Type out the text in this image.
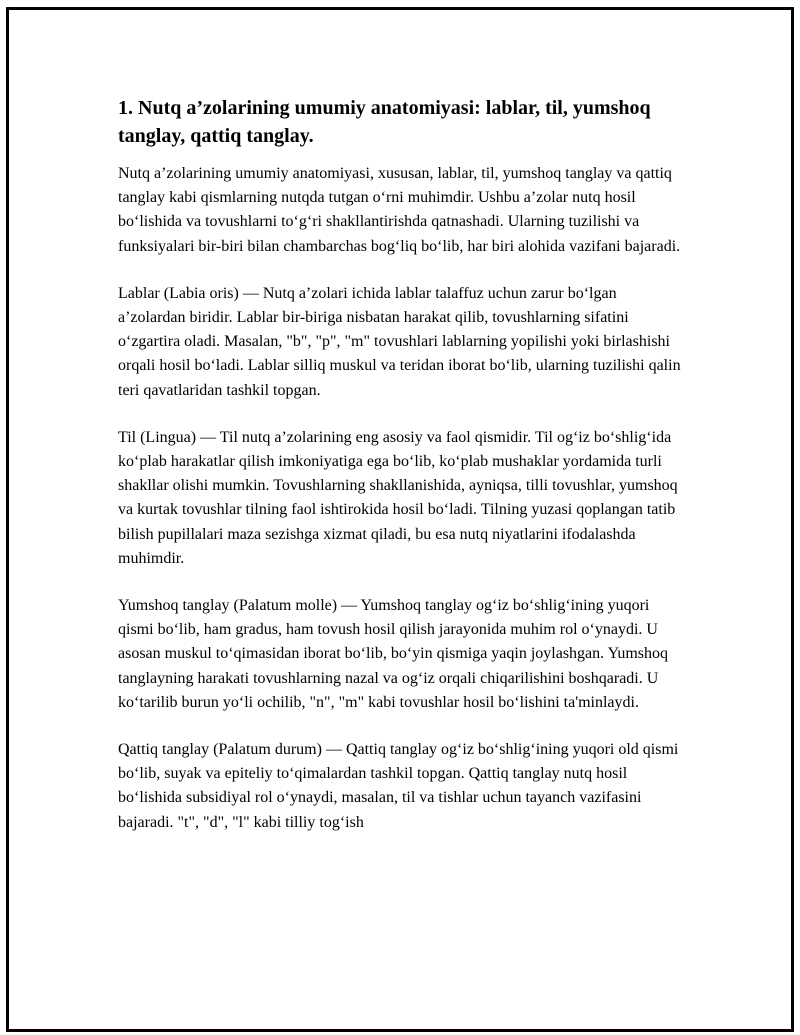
1. Nutq a’zolarining umumiy anatomiyasi: lablar, til, yumshoq tanglay, qattiq tanglay.

Nutq a’zolarining umumiy anatomiyasi, xususan, lablar, til, yumshoq tanglay va qattiq tanglay kabi qismlarning nutqda tutgan o‘rni muhimdir. Ushbu a’zolar nutq hosil bo‘lishida va tovushlarni to‘g‘ri shakllantirishda qatnashadi. Ularning tuzilishi va funksiyalari bir-biri bilan chambarchas bog‘liq bo‘lib, har biri alohida vazifani bajaradi.

Lablar (Labia oris) — Nutq a’zolari ichida lablar talaffuz uchun zarur bo‘lgan a’zolardan biridir. Lablar bir-biriga nisbatan harakat qilib, tovushlarning sifatini o‘zgartira oladi. Masalan, "b", "p", "m" tovushlari lablarning yopilishi yoki birlashishi orqali hosil bo‘ladi. Lablar silliq muskul va teridan iborat bo‘lib, ularning tuzilishi qalin teri qavatlaridan tashkil topgan.

Til (Lingua) — Til nutq a’zolarining eng asosiy va faol qismidir. Til og‘iz bo‘shlig‘ida ko‘plab harakatlar qilish imkoniyatiga ega bo‘lib, ko‘plab mushaklar yordamida turli shakllar olishi mumkin. Tovushlarning shakllanishida, ayniqsa, tilli tovushlar, yumshoq va kurtak tovushlar tilning faol ishtirokida hosil bo‘ladi. Tilning yuzasi qoplangan tatib bilish pupillalari maza sezishga xizmat qiladi, bu esa nutq niyatlarini ifodalashda muhimdir.

Yumshoq tanglay (Palatum molle) — Yumshoq tanglay og‘iz bo‘shlig‘ining yuqori qismi bo‘lib, ham gradus, ham tovush hosil qilish jarayonida muhim rol o‘ynaydi. U asosan muskul to‘qimasidan iborat bo‘lib, bo‘yin qismiga yaqin joylashgan. Yumshoq tanglayning harakati tovushlarning nazal va og‘iz orqali chiqarilishini boshqaradi. U ko‘tarilib burun yo‘li ochilib, "n", "m" kabi tovushlar hosil bo‘lishini ta'minlaydi.

Qattiq tanglay (Palatum durum) — Qattiq tanglay og‘iz bo‘shlig‘ining yuqori old qismi bo‘lib, suyak va epiteliy to‘qimalardan tashkil topgan. Qattiq tanglay nutq hosil bo‘lishida subsidiyal rol o‘ynaydi, masalan, til va tishlar uchun tayanch vazifasini bajaradi. "t", "d", "l" kabi tilliy tog‘ish
